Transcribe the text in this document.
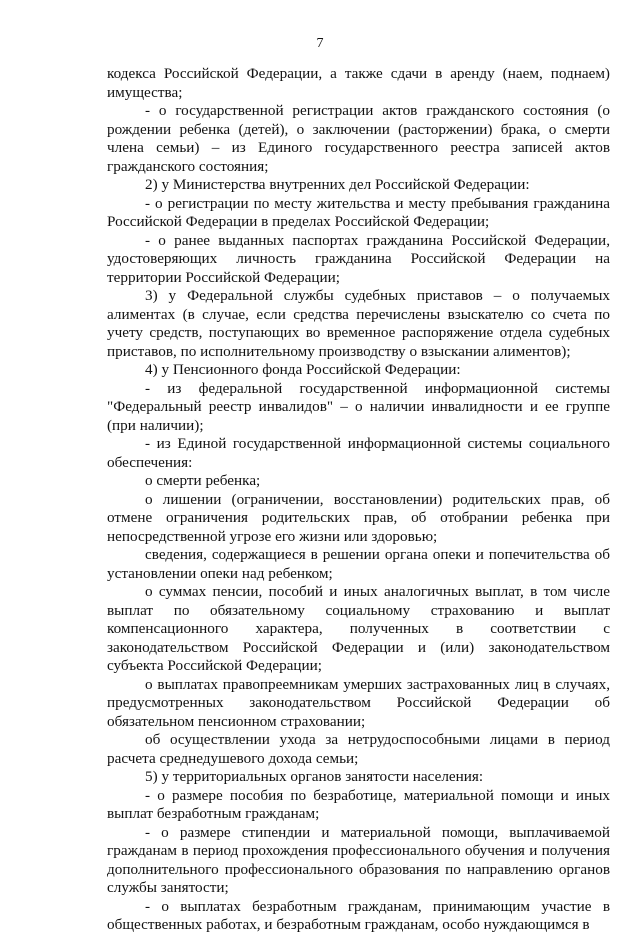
7

кодекса Российской Федерации, а также сдачи в аренду (наем, поднаем) имущества;

- о государственной регистрации актов гражданского состояния (о рождении ребенка (детей), о заключении (расторжении) брака, о смерти члена семьи) – из Единого государственного реестра записей актов гражданского состояния;

2) у Министерства внутренних дел Российской Федерации:

- о регистрации по месту жительства и месту пребывания гражданина Российской Федерации в пределах Российской Федерации;

- о ранее выданных паспортах гражданина Российской Федерации, удостоверяющих личность гражданина Российской Федерации на территории Российской Федерации;

3) у Федеральной службы судебных приставов – о получаемых алиментах (в случае, если средства перечислены взыскателю со счета по учету средств, поступающих во временное распоряжение отдела судебных приставов, по исполнительному производству о взыскании алиментов);

4) у Пенсионного фонда Российской Федерации:

- из федеральной государственной информационной системы "Федеральный реестр инвалидов" – о наличии инвалидности и ее группе (при наличии);

- из Единой государственной информационной системы социального обеспечения:

о смерти ребенка;

о лишении (ограничении, восстановлении) родительских прав, об отмене ограничения родительских прав, об отобрании ребенка при непосредственной угрозе его жизни или здоровью;

сведения, содержащиеся в решении органа опеки и попечительства об установлении опеки над ребенком;

о суммах пенсии, пособий и иных аналогичных выплат, в том числе выплат по обязательному социальному страхованию и выплат компенсационного характера, полученных в соответствии с законодательством Российской Федерации и (или) законодательством субъекта Российской Федерации;

о выплатах правопреемникам умерших застрахованных лиц в случаях, предусмотренных законодательством Российской Федерации об обязательном пенсионном страховании;

об осуществлении ухода за нетрудоспособными лицами в период расчета среднедушевого дохода семьи;

5) у территориальных органов занятости населения:

- о размере пособия по безработице, материальной помощи и иных выплат безработным гражданам;

- о размере стипендии и материальной помощи, выплачиваемой гражданам в период прохождения профессионального обучения и получения дополнительного профессионального образования по направлению органов службы занятости;

- о выплатах безработным гражданам, принимающим участие в общественных работах, и безработным гражданам, особо нуждающимся в
